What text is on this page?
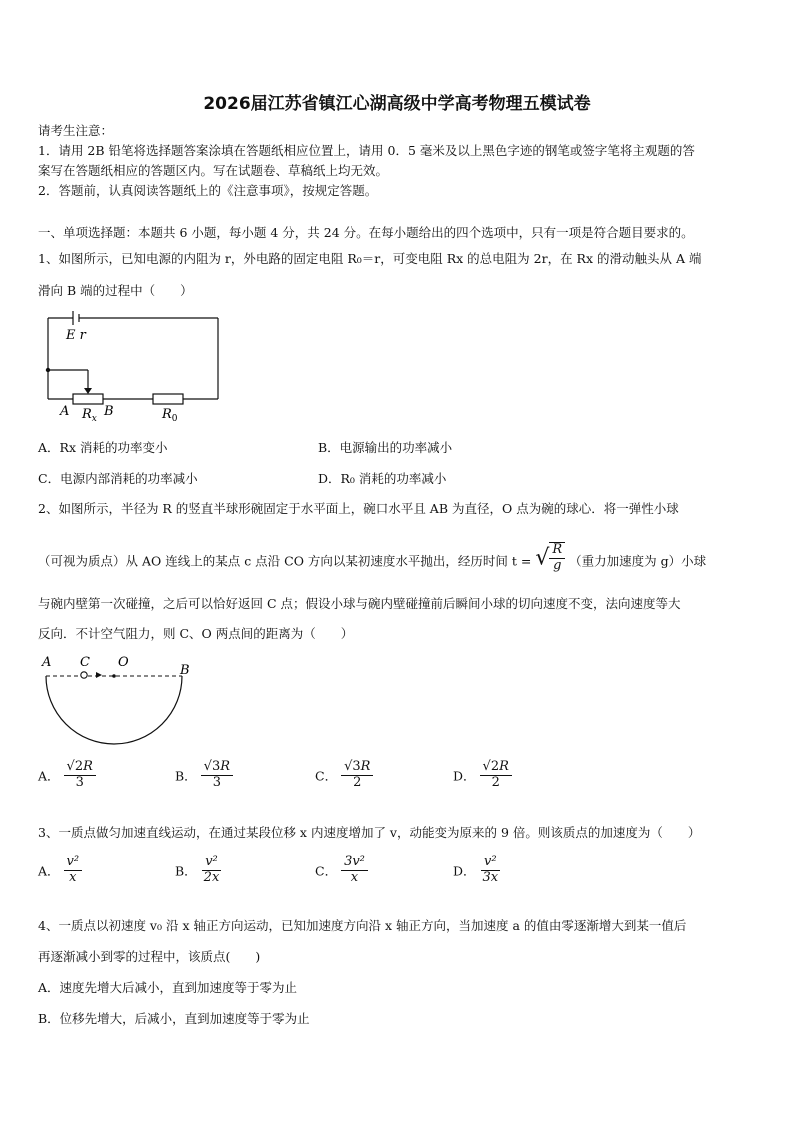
2026届江苏省镇江心湖高级中学高考物理五模试卷
请考生注意：
1．请用 2B 铅笔将选择题答案涂填在答题纸相应位置上，请用 0．5 毫米及以上黑色字迹的钢笔或签字笔将主观题的答
案写在答题纸相应的答题区内。写在试题卷、草稿纸上均无效。
2．答题前，认真阅读答题纸上的《注意事项》，按规定答题。
一、单项选择题：本题共 6 小题，每小题 4 分，共 24 分。在每小题给出的四个选项中，只有一项是符合题目要求的。
1、如图所示，已知电源的内阻为 r，外电路的固定电阻 R₀＝r，可变电阻 Rx 的总电阻为 2r，在 Rx 的滑动触头从 A 端
滑向 B 端的过程中（　　）
E r
A	B
$R_x$	$R_0$
A．Rx 消耗的功率变小	B．电源输出的功率减小
C．电源内部消耗的功率减小	D．R₀ 消耗的功率减小
2、如图所示，半径为 R 的竖直半球形碗固定于水平面上，碗口水平且 AB 为直径，O 点为碗的球心．将一弹性小球
（可视为质点）从 AO 连线上的某点 c 点沿 CO 方向以某初速度水平抛出，经历时间 t = √ $\frac{R}{g}$ （重力加速度为 g）小球
与碗内壁第一次碰撞，之后可以恰好返回 C 点；假设小球与碗内壁碰撞前后瞬间小球的切向速度不变，法向速度等大
反向．不计空气阻力，则 C、O 两点间的距离为（　　）
A C O
B
A． $\frac{√2R}{3}$	B． $\frac{√3R}{3}$	C． $\frac{√3R}{2}$	D． $\frac{√2R}{2}$
3、一质点做匀加速直线运动，在通过某段位移 x 内速度增加了 v，动能变为原来的 9 倍。则该质点的加速度为（　　）
A． $\frac{\text{v²}}{x}$	B． $\frac{\text{v²}}{2x}$	C． $\frac{\text{3v²}}{x}$	D． $\frac{\text{v²}}{3x}$
4、一质点以初速度 v₀ 沿 x 轴正方向运动，已知加速度方向沿 x 轴正方向，当加速度 a 的值由零逐渐增大到某一值后
再逐渐减小到零的过程中，该质点(　　)
A．速度先增大后减小，直到加速度等于零为止
B．位移先增大，后减小，直到加速度等于零为止
